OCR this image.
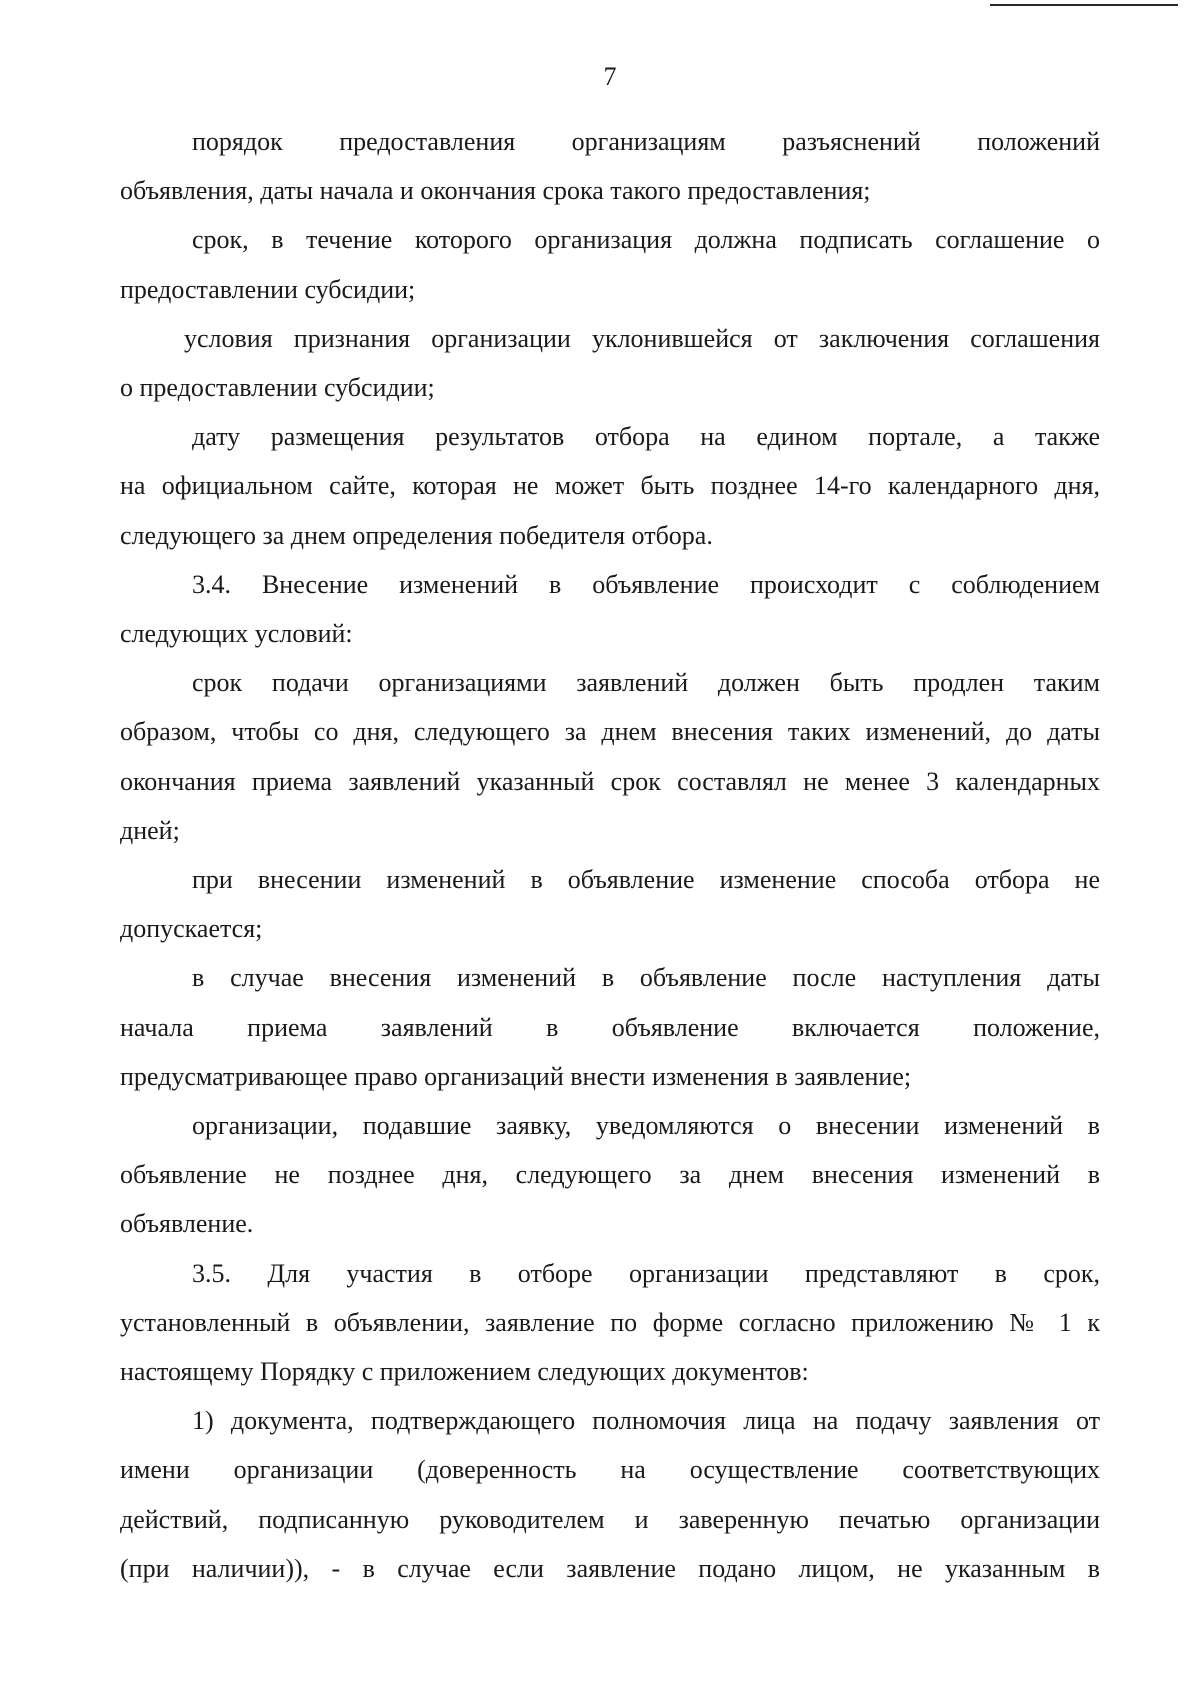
7
порядок предоставления организациям разъяснений положений
объявления, даты начала и окончания срока такого предоставления;
срок, в течение которого организация должна подписать соглашение о
предоставлении субсидии;
условия признания организации уклонившейся от заключения соглашения
о предоставлении субсидии;
дату размещения результатов отбора на едином портале, а также
на официальном сайте, которая не может быть позднее 14-го календарного дня,
следующего за днем определения победителя отбора.
3.4. Внесение изменений в объявление происходит с соблюдением
следующих условий:
срок подачи организациями заявлений должен быть продлен таким
образом, чтобы со дня, следующего за днем внесения таких изменений, до даты
окончания приема заявлений указанный срок составлял не менее 3 календарных
дней;
при внесении изменений в объявление изменение способа отбора не
допускается;
в случае внесения изменений в объявление после наступления даты
начала приема заявлений в объявление включается положение,
предусматривающее право организаций внести изменения в заявление;
организации, подавшие заявку, уведомляются о внесении изменений в
объявление не позднее дня, следующего за днем внесения изменений в
объявление.
3.5. Для участия в отборе организации представляют в срок,
установленный в объявлении, заявление по форме согласно приложению № 1 к
настоящему Порядку с приложением следующих документов:
1) документа, подтверждающего полномочия лица на подачу заявления от
имени организации (доверенность на осуществление соответствующих
действий, подписанную руководителем и заверенную печатью организации
(при наличии)), - в случае если заявление подано лицом, не указанным в
